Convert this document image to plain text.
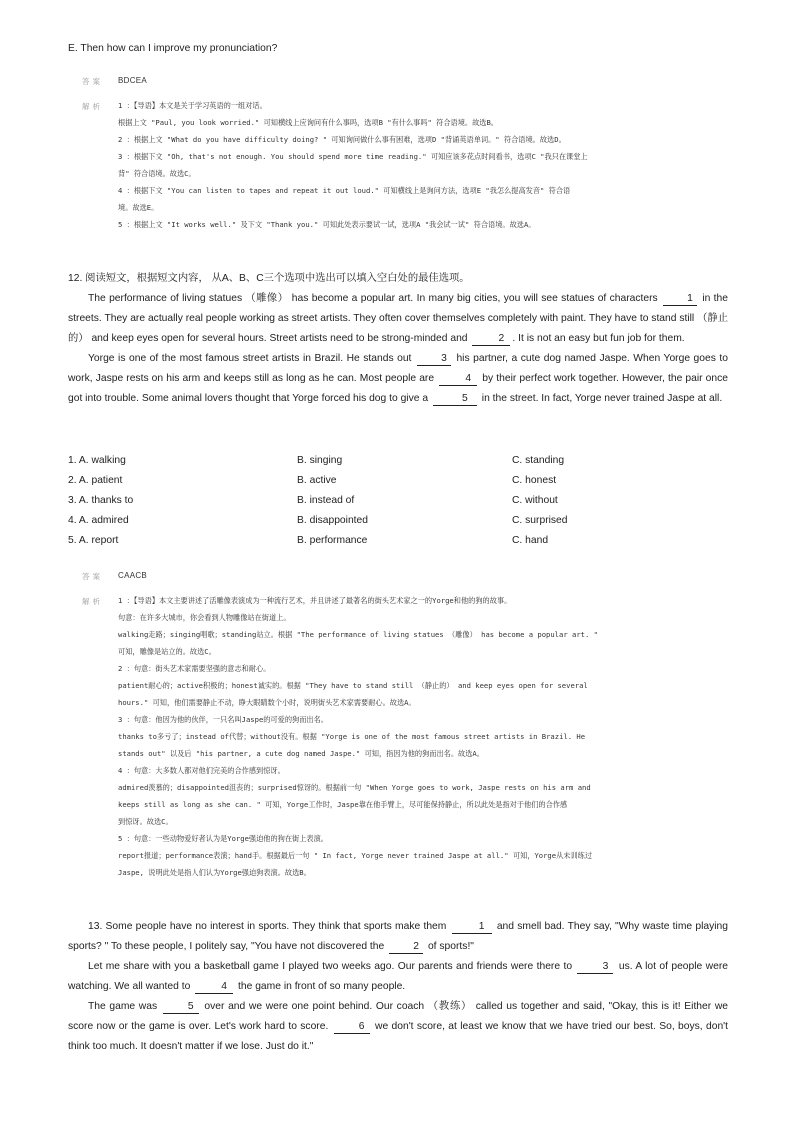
E. Then how can I improve my pronunciation?
答案 BDCEA
解析 1 ：【导语】本文是关于学习英语的一组对话。
根据上文 "Paul, you look worried." 可知横线上应询问有什么事吗，选项B "有什么事吗" 符合语境。故选B。
2 ：根据上文 "What do you have difficulty doing? " 可知询问做什么事有困难，选项D "背诵英语单词。" 符合语境。故选D。
3 ：根据下文 "Oh, that's not enough. You should spend more time reading." 可知应该多花点时间看书，选项C "我只在课堂上
背" 符合语境。故选C。
4 ：根据下文 "You can listen to tapes and repeat it out loud." 可知横线上是询问方法，选项E "我怎么提高发音" 符合语
境。故选E。
5 ：根据上文 "It works well." 及下文 "Thank you." 可知此处表示要试一试，选项A "我会试一试" 符合语境。故选A。
12. 阅读短文，根据短文内容， 从A、B、C三个选项中选出可以填入空白处的最佳选项。

The performance of living statues （雕像） has become a popular art. In many big cities, you will see statues of characters	1 in the streets. They are actually real people working as street artists. They often cover themselves completely with paint. They have to stand still （静止的） and keep eyes open for several hours. Street artists need to be strong-minded and	2 . It is not an easy but fun job for them.

Yorge is one of the most famous street artists in Brazil. He stands out	3 his partner, a cute dog named Jaspe. When Yorge goes to work, Jaspe rests on his arm and keeps still as long as he can. Most people are	4 by their perfect work together. However, the pair once got into trouble. Some animal lovers thought that Yorge forced his dog to give a	5 in the street. In fact, Yorge never trained Jaspe at all.

1. A. walking	B. singing	C. standing
2. A. patient	B. active	C. honest
3. A. thanks to	B. instead of	C. without
4. A. admired	B. disappointed	C. surprised
5. A. report	B. performance	C. hand
答案 CAACB
解析 1 ：【导语】本文主要讲述了活雕像表演成为一种流行艺术，并且讲述了最著名的街头艺术家之一的Yorge和他的狗的故事。
句意：在许多大城市，你会看到人物雕像站在街道上。
walking走路；singing唱歌；standing站立。根据 "The performance of living statues （雕像） has become a popular art. "
可知，雕像是站立的。故选C。
2 ：句意：街头艺术家需要坚强的意志和耐心。
patient耐心的；active积极的；honest诚实的。根据 "They have to stand still （静止的） and keep eyes open for several
hours." 可知，他们需要静止不动，睁大眼睛数个小时，说明街头艺术家需要耐心。故选A。
3 ：句意：他因为他的伙伴，一只名叫Jaspe的可爱的狗而出名。
thanks to多亏了；instead of代替；without没有。根据 "Yorge is one of the most famous street artists in Brazil. He
stands out" 以及后 "his partner, a cute dog named Jaspe." 可知，指因为他的狗而出名。故选A。
4 ：句意：大多数人都对他们完美的合作感到惊讶。
admired羡慕的；disappointed沮丧的；surprised惊讶的。根据前一句 "When Yorge goes to work, Jaspe rests on his arm and
keeps still as long as she can. " 可知，Yorge工作时，Jaspe靠在他手臂上，尽可能保持静止，所以此处是指对于他们的合作感
到惊讶。故选C。
5 ：句意：一些动物爱好者认为是Yorge强迫他的狗在街上表演。
report报道；performance表演；hand手。根据最后一句 " In fact, Yorge never trained Jaspe at all." 可知，Yorge从未训练过
Jaspe, 说明此处是指人们认为Yorge强迫狗表演。故选B。

13. Some people have no interest in sports. They think that sports make them	1 and smell bad. They say, "Why waste time playing sports? " To these people, I politely say, "You have not discovered the	2 of sports!"

Let me share with you a basketball game I played two weeks ago. Our parents and friends were there to	3 us. A lot of people were watching. We all wanted to	4 the game in front of so many people.

The game was	5 over and we were one point behind. Our coach （教练） called us together and said, "Okay, this is it! Either we score now or the game is over. Let's work hard to score.	6 we don't score, at least we know that we have tried our best. So, boys, don't think too much. It doesn't matter if we lose. Just do it."
